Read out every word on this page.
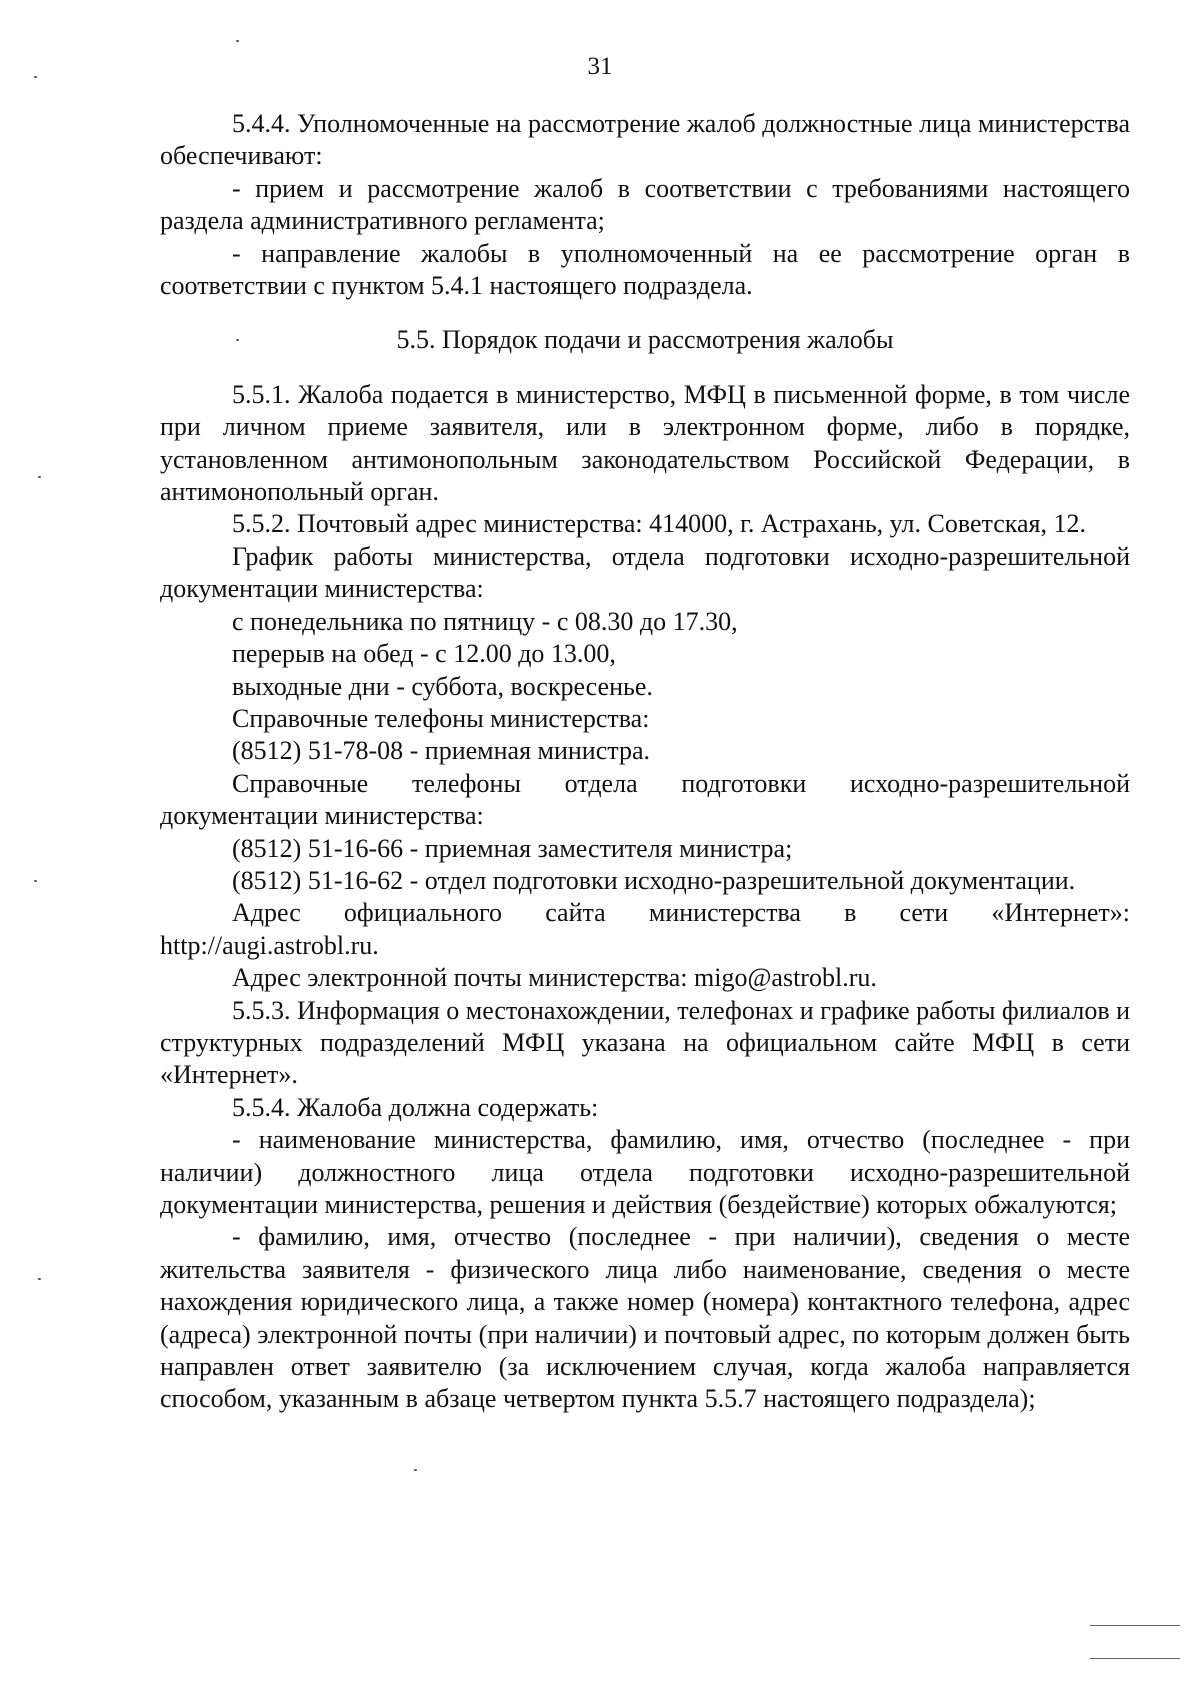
31

5.4.4. Уполномоченные на рассмотрение жалоб должностные лица министерства обеспечивают:

- прием и рассмотрение жалоб в соответствии с требованиями настоящего раздела административного регламента;

- направление жалобы в уполномоченный на ее рассмотрение орган в соответствии с пунктом 5.4.1 настоящего подраздела.

5.5. Порядок подачи и рассмотрения жалобы

5.5.1. Жалоба подается в министерство, МФЦ в письменной форме, в том числе при личном приеме заявителя, или в электронном форме, либо в порядке, установленном антимонопольным законодательством Российской Федерации, в антимонопольный орган.

5.5.2. Почтовый адрес министерства: 414000, г. Астрахань, ул. Советская, 12.

График работы министерства, отдела подготовки исходно-разрешительной документации министерства:

с понедельника по пятницу - с 08.30 до 17.30,

перерыв на обед - с 12.00 до 13.00,

выходные дни - суббота, воскресенье.

Справочные телефоны министерства:

(8512) 51-78-08 - приемная министра.

Справочные телефоны отдела подготовки исходно-разрешительной документации министерства:

(8512) 51-16-66 - приемная заместителя министра;

(8512) 51-16-62 - отдел подготовки исходно-разрешительной документации.

Адрес официального сайта министерства в сети «Интернет»: http://augi.astrobl.ru.

Адрес электронной почты министерства: migo@astrobl.ru.

5.5.3. Информация о местонахождении, телефонах и графике работы филиалов и структурных подразделений МФЦ указана на официальном сайте МФЦ в сети «Интернет».

5.5.4. Жалоба должна содержать:

- наименование министерства, фамилию, имя, отчество (последнее - при наличии) должностного лица отдела подготовки исходно-разрешительной документации министерства, решения и действия (бездействие) которых обжалуются;

- фамилию, имя, отчество (последнее - при наличии), сведения о месте жительства заявителя - физического лица либо наименование, сведения о месте нахождения юридического лица, а также номер (номера) контактного телефона, адрес (адреса) электронной почты (при наличии) и почтовый адрес, по которым должен быть направлен ответ заявителю (за исключением случая, когда жалоба направляется способом, указанным в абзаце четвертом пункта 5.5.7 настоящего подраздела);
